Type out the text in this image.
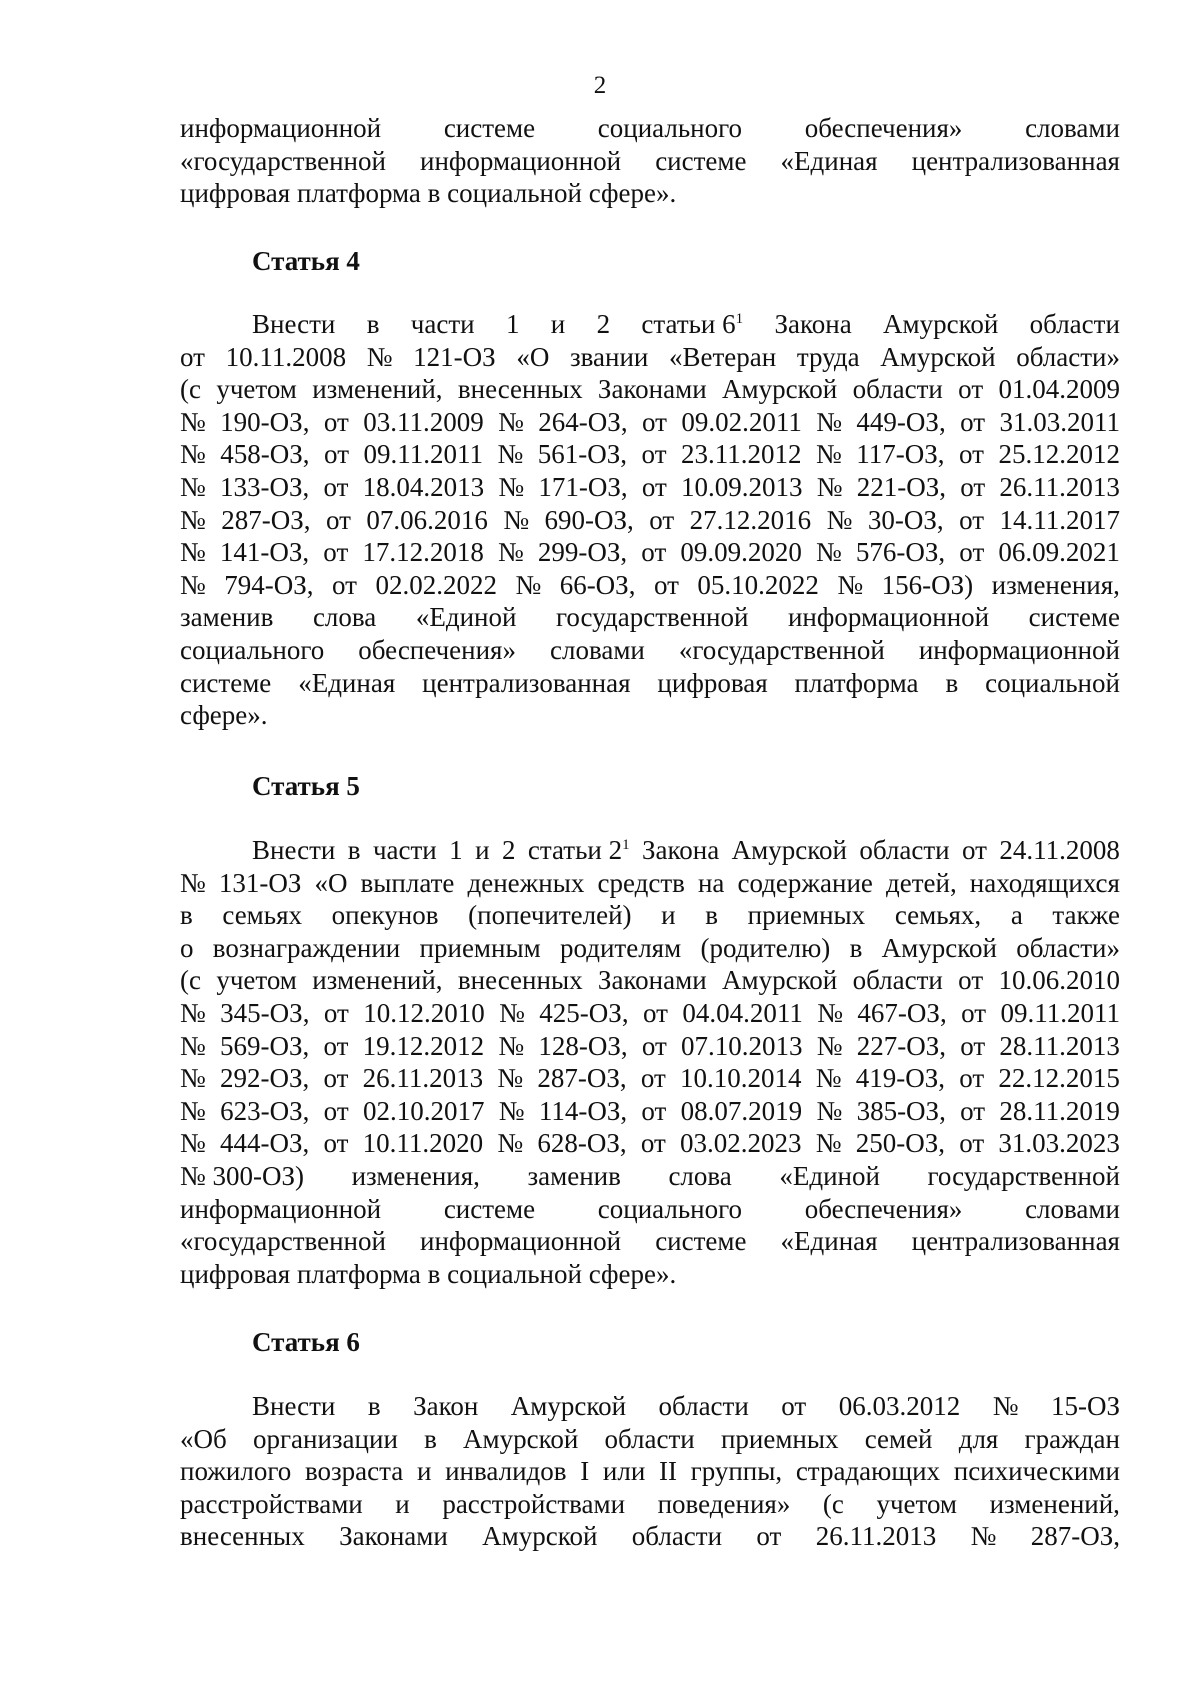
2
информационной системе социального обеспечения» словами
«государственной информационной системе «Единая централизованная
цифровая платформа в социальной сфере».
Статья 4
Внести в части 1 и 2 статьи $6^1$ Закона Амурской области
от 10.11.2008 № 121-ОЗ «О звании «Ветеран труда Амурской области»
(с учетом изменений, внесенных Законами Амурской области от 01.04.2009
№ 190-ОЗ, от 03.11.2009 № 264-ОЗ, от 09.02.2011 № 449-ОЗ, от 31.03.2011
№ 458-ОЗ, от 09.11.2011 № 561-ОЗ, от 23.11.2012 № 117-ОЗ, от 25.12.2012
№ 133-ОЗ, от 18.04.2013 № 171-ОЗ, от 10.09.2013 № 221-ОЗ, от 26.11.2013
№ 287-ОЗ, от 07.06.2016 № 690-ОЗ, от 27.12.2016 № 30-ОЗ, от 14.11.2017
№ 141-ОЗ, от 17.12.2018 № 299-ОЗ, от 09.09.2020 № 576-ОЗ, от 06.09.2021
№ 794-ОЗ, от 02.02.2022 № 66-ОЗ, от 05.10.2022 № 156-ОЗ) изменения,
заменив слова «Единой государственной информационной системе
социального обеспечения» словами «государственной информационной
системе «Единая централизованная цифровая платформа в социальной
сфере».
Статья 5
Внести в части 1 и 2 статьи $2^1$ Закона Амурской области от 24.11.2008
№ 131-ОЗ «О выплате денежных средств на содержание детей, находящихся
в семьях опекунов (попечителей) и в приемных семьях, а также
о вознаграждении приемным родителям (родителю) в Амурской области»
(с учетом изменений, внесенных Законами Амурской области от 10.06.2010
№ 345-ОЗ, от 10.12.2010 № 425-ОЗ, от 04.04.2011 № 467-ОЗ, от 09.11.2011
№ 569-ОЗ, от 19.12.2012 № 128-ОЗ, от 07.10.2013 № 227-ОЗ, от 28.11.2013
№ 292-ОЗ, от 26.11.2013 № 287-ОЗ, от 10.10.2014 № 419-ОЗ, от 22.12.2015
№ 623-ОЗ, от 02.10.2017 № 114-ОЗ, от 08.07.2019 № 385-ОЗ, от 28.11.2019
№ 444-ОЗ, от 10.11.2020 № 628-ОЗ, от 03.02.2023 № 250-ОЗ, от 31.03.2023
№ 300-ОЗ) изменения, заменив слова «Единой государственной
информационной системе социального обеспечения» словами
«государственной информационной системе «Единая централизованная
цифровая платформа в социальной сфере».
Статья 6
Внести в Закон Амурской области от 06.03.2012 № 15-ОЗ
«Об организации в Амурской области приемных семей для граждан
пожилого возраста и инвалидов I или II группы, страдающих психическими
расстройствами и расстройствами поведения» (с учетом изменений,
внесенных Законами Амурской области от 26.11.2013 № 287-ОЗ,
